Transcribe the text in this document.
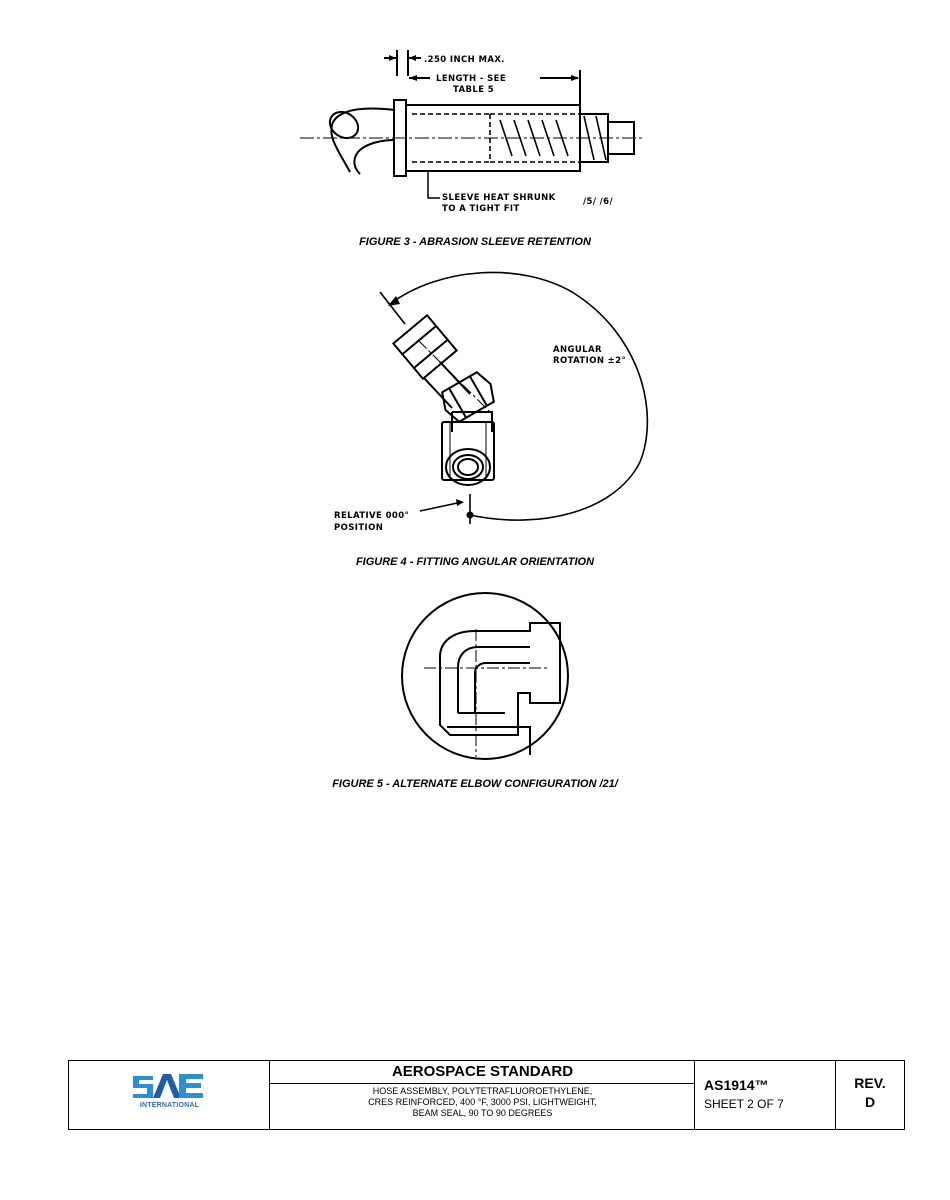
.250 INCH MAX.
LENGTH - SEE
TABLE 5
SLEEVE HEAT SHRUNK
TO A TIGHT FIT
/5/ /6/
FIGURE 3 - ABRASION SLEEVE RETENTION
ANGULAR
ROTATION ±2°
RELATIVE 000°
POSITION
FIGURE 4 - FITTING ANGULAR ORIENTATION
FIGURE 5 - ALTERNATE ELBOW CONFIGURATION /21/
INTERNATIONAL
AEROSPACE STANDARD
HOSE ASSEMBLY, POLYTETRAFLUOROETHYLENE,
CRES REINFORCED, 400 °F, 3000 PSI, LIGHTWEIGHT,
BEAM SEAL, 90 TO 90 DEGREES
AS1914™
SHEET 2 OF 7
REV.
D
